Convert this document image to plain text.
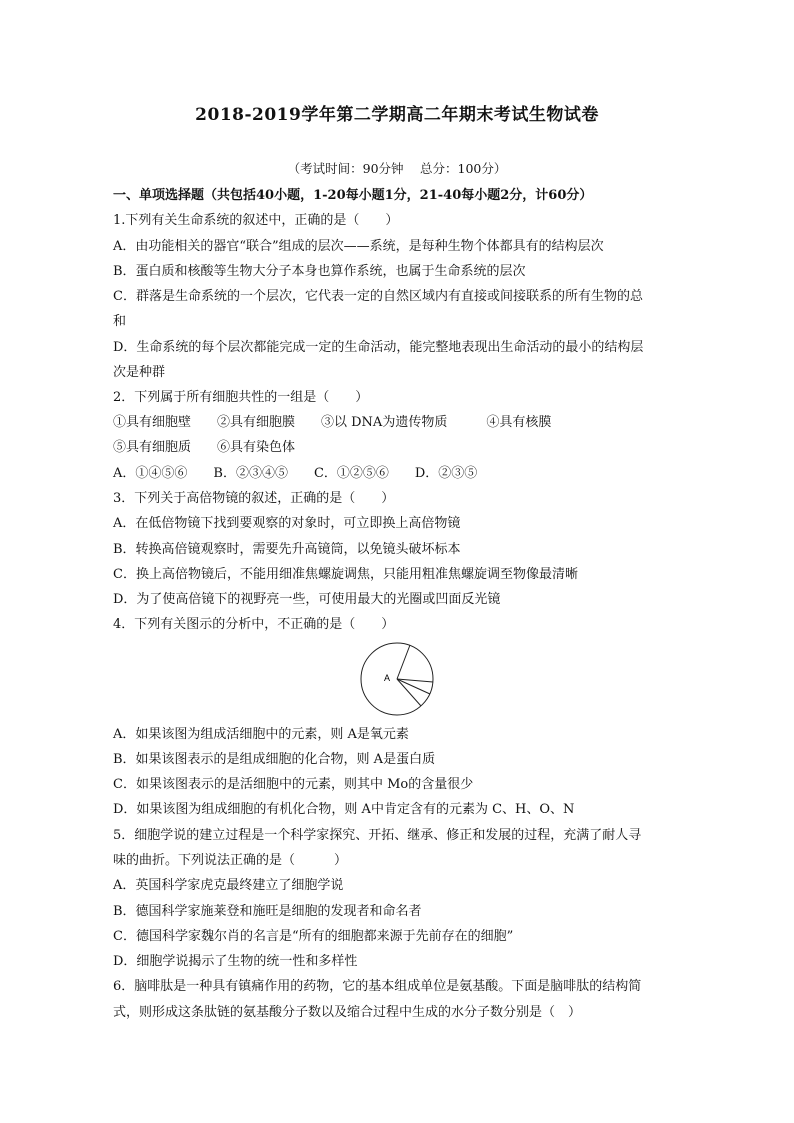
2018-2019学年第二学期高二年期末考试生物试卷
（考试时间：90分钟　 总分：100分）
一、单项选择题（共包括40小题，1-20每小题1分，21-40每小题2分，计60分）
1.下列有关生命系统的叙述中，正确的是（　　）
A．由功能相关的器官“联合”组成的层次——系统，是每种生物个体都具有的结构层次
B．蛋白质和核酸等生物大分子本身也算作系统，也属于生命系统的层次
C．群落是生命系统的一个层次，它代表一定的自然区域内有直接或间接联系的所有生物的总
和
D．生命系统的每个层次都能完成一定的生命活动，能完整地表现出生命活动的最小的结构层
次是种群
2．下列属于所有细胞共性的一组是（　　）
①具有细胞壁　　②具有细胞膜　　③以 DNA为遗传物质　　　④具有核膜
⑤具有细胞质　　⑥具有染色体
A．①④⑤⑥　　B．②③④⑤　　C．①②⑤⑥　　D．②③⑤
3．下列关于高倍物镜的叙述，正确的是（　　）
A．在低倍物镜下找到要观察的对象时，可立即换上高倍物镜
B．转换高倍镜观察时，需要先升高镜筒，以免镜头破坏标本
C．换上高倍物镜后，不能用细准焦螺旋调焦，只能用粗准焦螺旋调至物像最清晰
D．为了使高倍镜下的视野亮一些，可使用最大的光圈或凹面反光镜
4．下列有关图示的分析中，不正确的是（　　）
A
A．如果该图为组成活细胞中的元素，则 A是氧元素
B．如果该图表示的是组成细胞的化合物，则 A是蛋白质
C．如果该图表示的是活细胞中的元素，则其中 Mo的含量很少
D．如果该图为组成细胞的有机化合物，则 A中肯定含有的元素为 C、H、O、N
5．细胞学说的建立过程是一个科学家探究、开拓、继承、修正和发展的过程，充满了耐人寻
味的曲折。下列说法正确的是（　　　）
A．英国科学家虎克最终建立了细胞学说
B．德国科学家施莱登和施旺是细胞的发现者和命名者
C．德国科学家魏尔肖的名言是“所有的细胞都来源于先前存在的细胞”
D．细胞学说揭示了生物的统一性和多样性
6．脑啡肽是一种具有镇痛作用的药物，它的基本组成单位是氨基酸。下面是脑啡肽的结构简
式，则形成这条肽链的氨基酸分子数以及缩合过程中生成的水分子数分别是（　）
